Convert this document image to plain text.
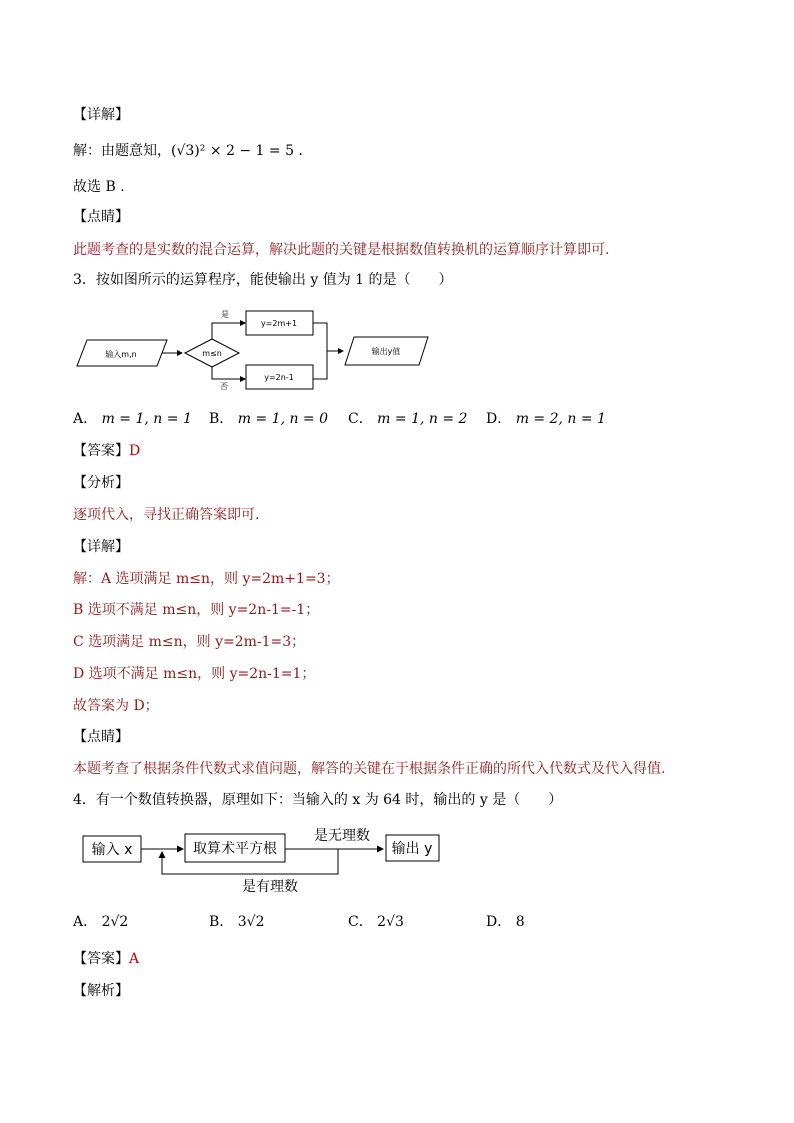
【详解】
解：由题意知，(√3)² × 2 − 1 = 5 .
故选 B .
【点睛】
此题考查的是实数的混合运算，解决此题的关键是根据数值转换机的运算顺序计算即可.
3．按如图所示的运算程序，能使输出 y 值为 1 的是（　　）
输入m,n	m≤n
是
否
y=2m+1
y=2n-1
输出y值
A． m = 1, n = 1 B． m = 1, n = 0 C． m = 1, n = 2 D． m = 2, n = 1
【答案】D
【分析】
逐项代入，寻找正确答案即可.
【详解】
解：A 选项满足 m≤n，则 y=2m+1=3；
B 选项不满足 m≤n，则 y=2n-1=-1；
C 选项满足 m≤n，则 y=2m-1=3；
D 选项不满足 m≤n，则 y=2n-1=1；
故答案为 D；
【点睛】
本题考查了根据条件代数式求值问题，解答的关键在于根据条件正确的所代入代数式及代入得值.
4．有一个数值转换器，原理如下：当输入的 x 为 64 时，输出的 y 是（　　）
输入 x	取算术平方根
是无理数
输出 y
是有理数
A． 2√2	B． 3√2	C． 2√3	D． 8
【答案】A
【解析】
